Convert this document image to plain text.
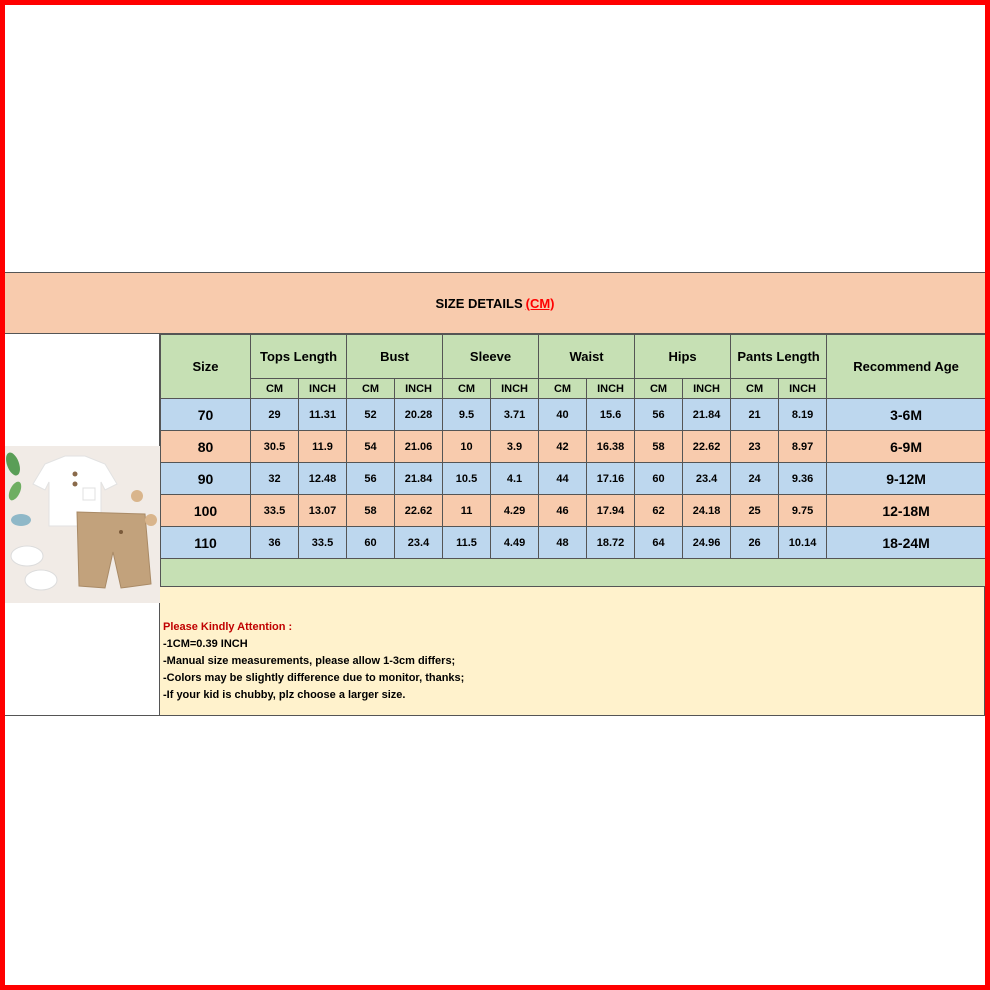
SIZE DETAILS (CM)
Size	Tops Length		Bust		Sleeve		Waist		Hips		Pants Length		Recommend Age
	CM	INCH	CM	INCH	CM	INCH	CM	INCH	CM	INCH	CM	INCH	
70	29	11.31	52	20.28	9.5	3.71	40	15.6	56	21.84	21	8.19	3-6M
80	30.5	11.9	54	21.06	10	3.9	42	16.38	58	22.62	23	8.97	6-9M
90	32	12.48	56	21.84	10.5	4.1	44	17.16	60	23.4	24	9.36	9-12M
100	33.5	13.07	58	22.62	11	4.29	46	17.94	62	24.18	25	9.75	12-18M
110	36	33.5	60	23.4	11.5	4.49	48	18.72	64	24.96	26	10.14	18-24M

Please Kindly Attention :
-1CM=0.39 INCH
-Manual size measurements, please allow 1-3cm differs;
-Colors may be slightly difference due to monitor, thanks;
-If your kid is chubby, plz choose a larger size.
